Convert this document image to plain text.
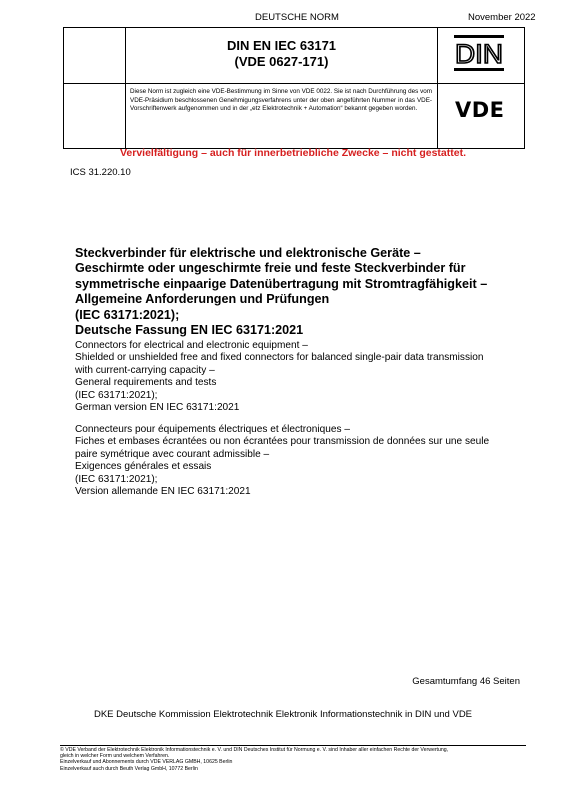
DEUTSCHE NORM	November 2022
DIN EN IEC 63171
(VDE 0627-171)	DIN
VDE
Diese Norm ist zugleich eine VDE-Bestimmung im Sinne von VDE 0022. Sie ist nach Durchführung des vom VDE-Präsidium beschlossenen Genehmigungsverfahrens unter der oben angeführten Nummer in das VDE-Vorschriftenwerk aufgenommen und in der „etz Elektrotechnik + Automation“ bekannt gegeben worden.
Vervielfältigung – auch für innerbetriebliche Zwecke – nicht gestattet.
ICS 31.220.10
Steckverbinder für elektrische und elektronische Geräte –
Geschirmte oder ungeschirmte freie und feste Steckverbinder für
symmetrische einpaarige Datenübertragung mit Stromtragfähigkeit –
Allgemeine Anforderungen und Prüfungen
(IEC 63171:2021);
Deutsche Fassung EN IEC 63171:2021
Connectors for electrical and electronic equipment –
Shielded or unshielded free and fixed connectors for balanced single-pair data transmission
with current-carrying capacity –
General requirements and tests
(IEC 63171:2021);
German version EN IEC 63171:2021
Connecteurs pour équipements électriques et électroniques –
Fiches et embases écrantées ou non écrantées pour transmission de données sur une seule
paire symétrique avec courant admissible –
Exigences générales et essais
(IEC 63171:2021);
Version allemande EN IEC 63171:2021
Gesamtumfang 46 Seiten
DKE Deutsche Kommission Elektrotechnik Elektronik Informationstechnik in DIN und VDE
© VDE Verband der Elektrotechnik Elektronik Informationstechnik e. V. und DIN Deutsches Institut für Normung e. V. sind Inhaber aller einfachen Rechte der Verwertung,
gleich in welcher Form und welchem Verfahren.
Einzelverkauf und Abonnements durch VDE VERLAG GMBH, 10625 Berlin
Einzelverkauf auch durch Beuth Verlag GmbH, 10772 Berlin
